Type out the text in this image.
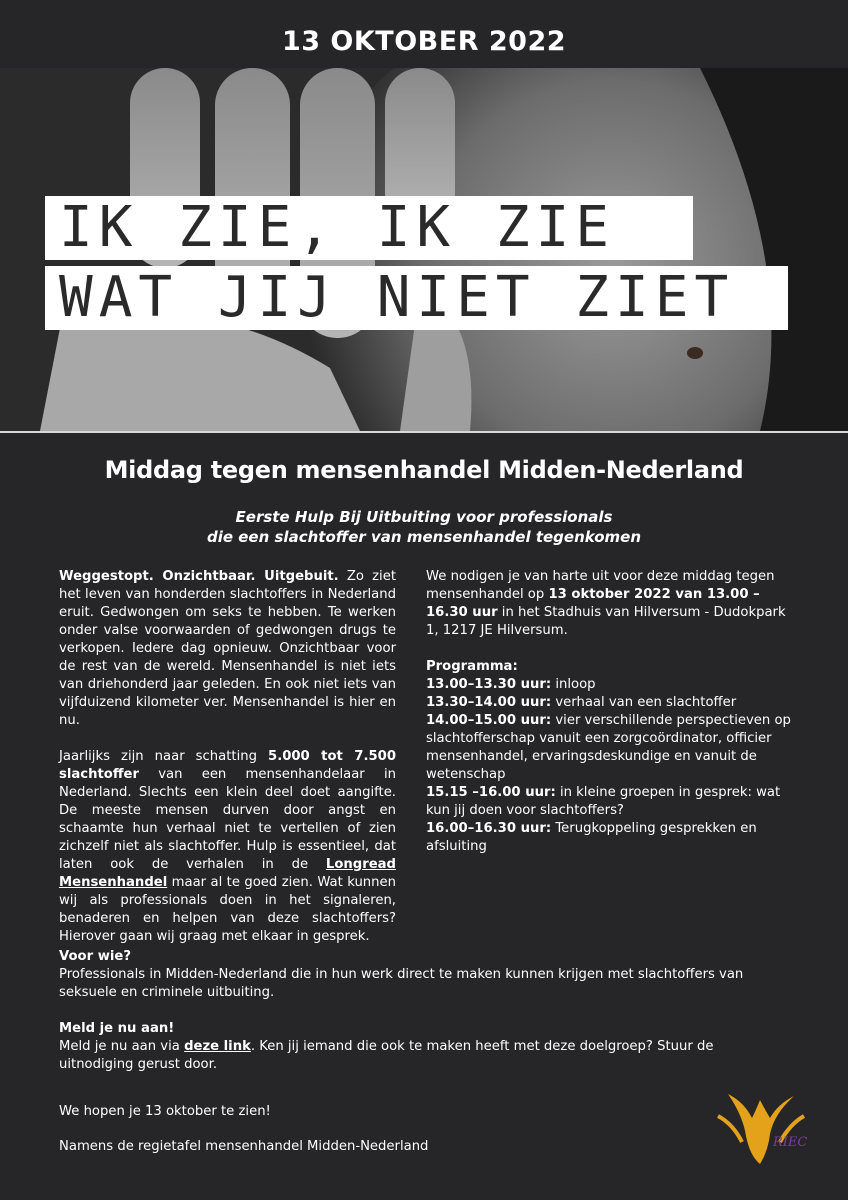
13 OKTOBER 2022
IK ZIE, IK ZIE
WAT JIJ NIET ZIET
Middag tegen mensenhandel Midden-Nederland
Eerste Hulp Bij Uitbuiting voor professionals
die een slachtoffer van mensenhandel tegenkomen

Weggestopt. Onzichtbaar. Uitgebuit. Zo ziet het leven van honderden slachtoffers in Nederland eruit. Gedwongen om seks te hebben. Te werken onder valse voorwaarden of gedwongen drugs te verkopen. Iedere dag opnieuw. Onzichtbaar voor de rest van de wereld. Mensenhandel is niet iets van driehonderd jaar geleden. En ook niet iets van vijfduizend kilometer ver. Mensenhandel is hier en nu.

Jaarlijks zijn naar schatting 5.000 tot 7.500 slachtoffer van een mensenhandelaar in Nederland. Slechts een klein deel doet aangifte. De meeste mensen durven door angst en schaamte hun verhaal niet te vertellen of zien zichzelf niet als slachtoffer. Hulp is essentieel, dat laten ook de verhalen in de Longread Mensenhandel maar al te goed zien. Wat kunnen wij als professionals doen in het signaleren, benaderen en helpen van deze slachtoffers? Hierover gaan wij graag met elkaar in gesprek.

We nodigen je van harte uit voor deze middag tegen mensenhandel op 13 oktober 2022 van 13.00 – 16.30 uur in het Stadhuis van Hilversum - Dudokpark 1, 1217 JE Hilversum.

Programma:
13.00–13.30 uur: inloop
13.30–14.00 uur: verhaal van een slachtoffer
14.00–15.00 uur: vier verschillende perspectieven op slachtofferschap vanuit een zorgcoördinator, officier mensenhandel, ervaringsdeskundige en vanuit de wetenschap
15.15 –16.00 uur: in kleine groepen in gesprek: wat kun jij doen voor slachtoffers?
16.00–16.30 uur: Terugkoppeling gesprekken en afsluiting

Voor wie?
Professionals in Midden-Nederland die in hun werk direct te maken kunnen krijgen met slachtoffers van seksuele en criminele uitbuiting.

Meld je nu aan!
Meld je nu aan via deze link. Ken jij iemand die ook te maken heeft met deze doelgroep? Stuur de uitnodiging gerust door.

We hopen je 13 oktober te zien!
Namens de regietafel mensenhandel Midden-Nederland	RIEC
